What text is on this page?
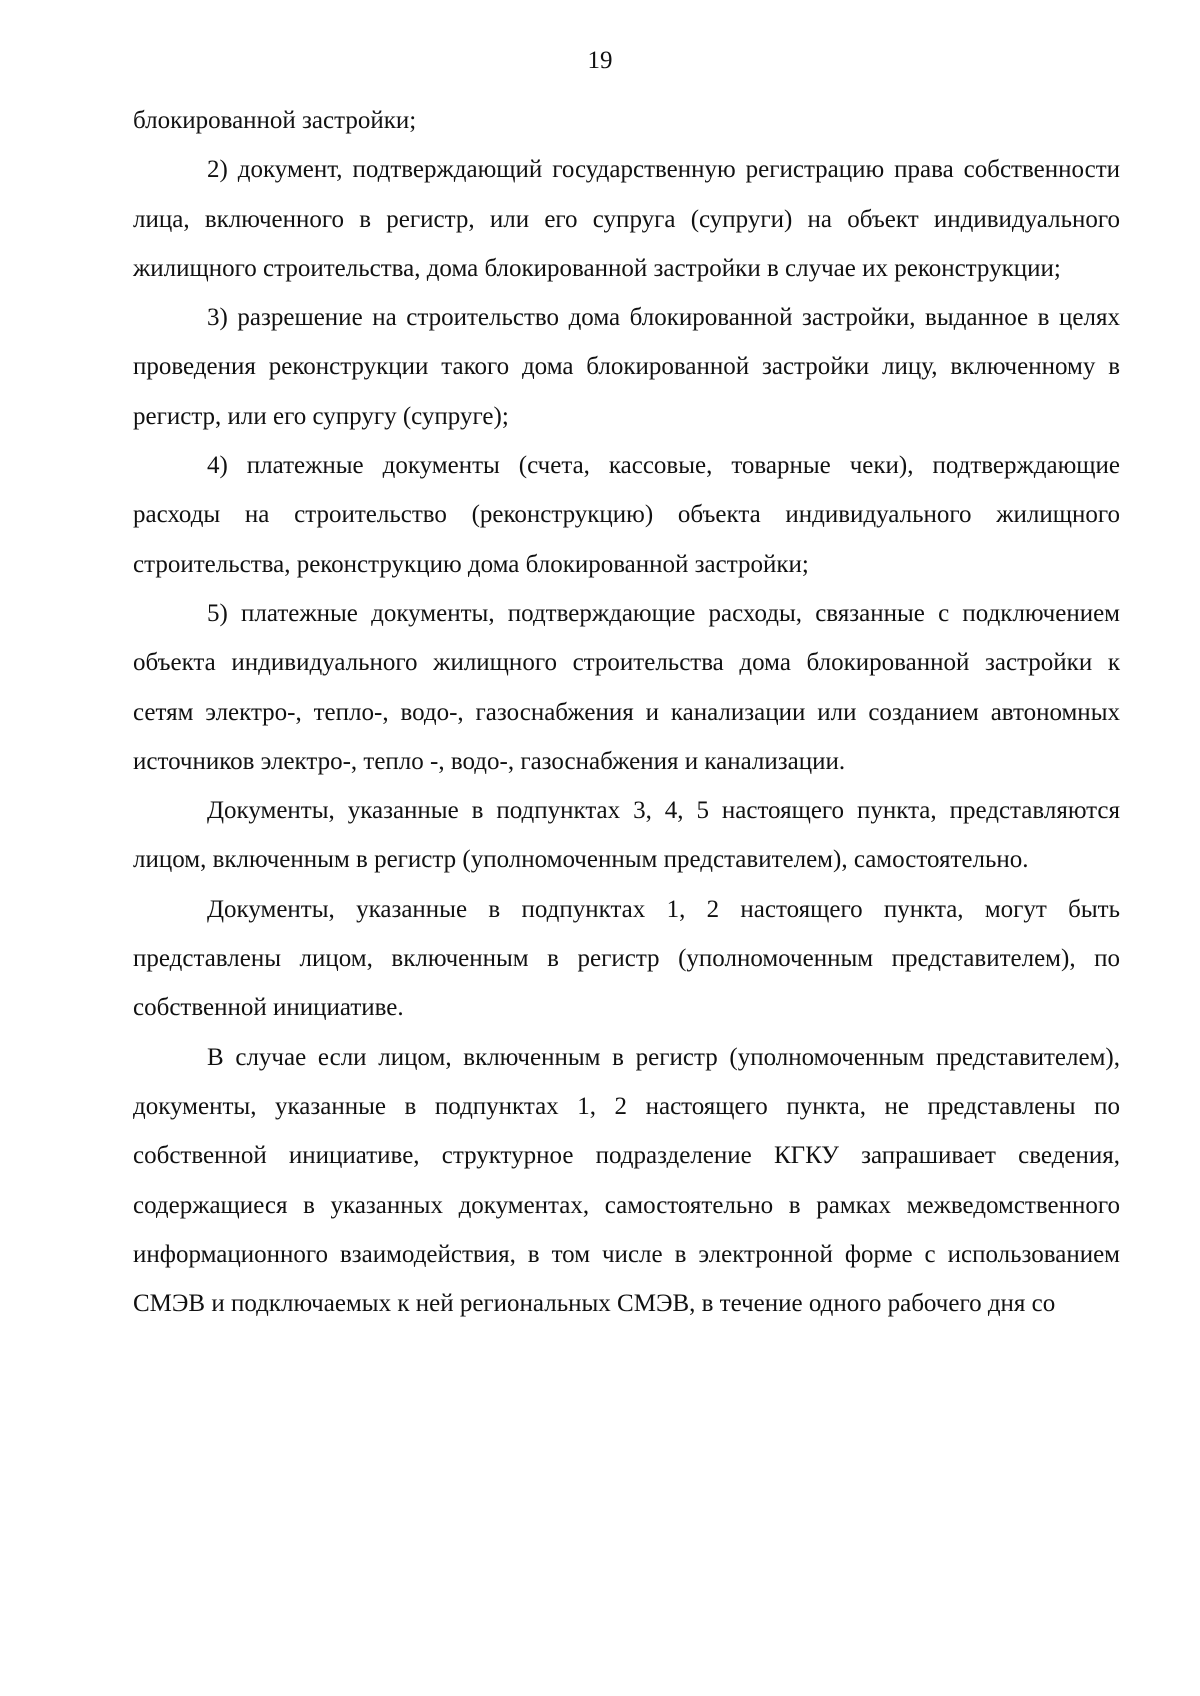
19

блокированной застройки;

2) документ, подтверждающий государственную регистрацию права собственности лица, включенного в регистр, или его супруга (супруги) на объект индивидуального жилищного строительства, дома блокированной застройки в случае их реконструкции;

3) разрешение на строительство дома блокированной застройки, выданное в целях проведения реконструкции такого дома блокированной застройки лицу, включенному в регистр, или его супругу (супруге);

4) платежные документы (счета, кассовые, товарные чеки), подтверждающие расходы на строительство (реконструкцию) объекта индивидуального жилищного строительства, реконструкцию дома блокированной застройки;

5) платежные документы, подтверждающие расходы, связанные с подключением объекта индивидуального жилищного строительства дома блокированной застройки к сетям электро-, тепло-, водо-, газоснабжения и канализации или созданием автономных источников электро-, тепло -, водо-, газоснабжения и канализации.

Документы, указанные в подпунктах 3, 4, 5 настоящего пункта, представляются лицом, включенным в регистр (уполномоченным представителем), самостоятельно.

Документы, указанные в подпунктах 1, 2 настоящего пункта, могут быть представлены лицом, включенным в регистр (уполномоченным представителем), по собственной инициативе.

В случае если лицом, включенным в регистр (уполномоченным представителем), документы, указанные в подпунктах 1, 2 настоящего пункта, не представлены по собственной инициативе, структурное подразделение КГКУ запрашивает сведения, содержащиеся в указанных документах, самостоятельно в рамках межведомственного информационного взаимодействия, в том числе в электронной форме с использованием СМЭВ и подключаемых к ней региональных СМЭВ, в течение одного рабочего дня со
